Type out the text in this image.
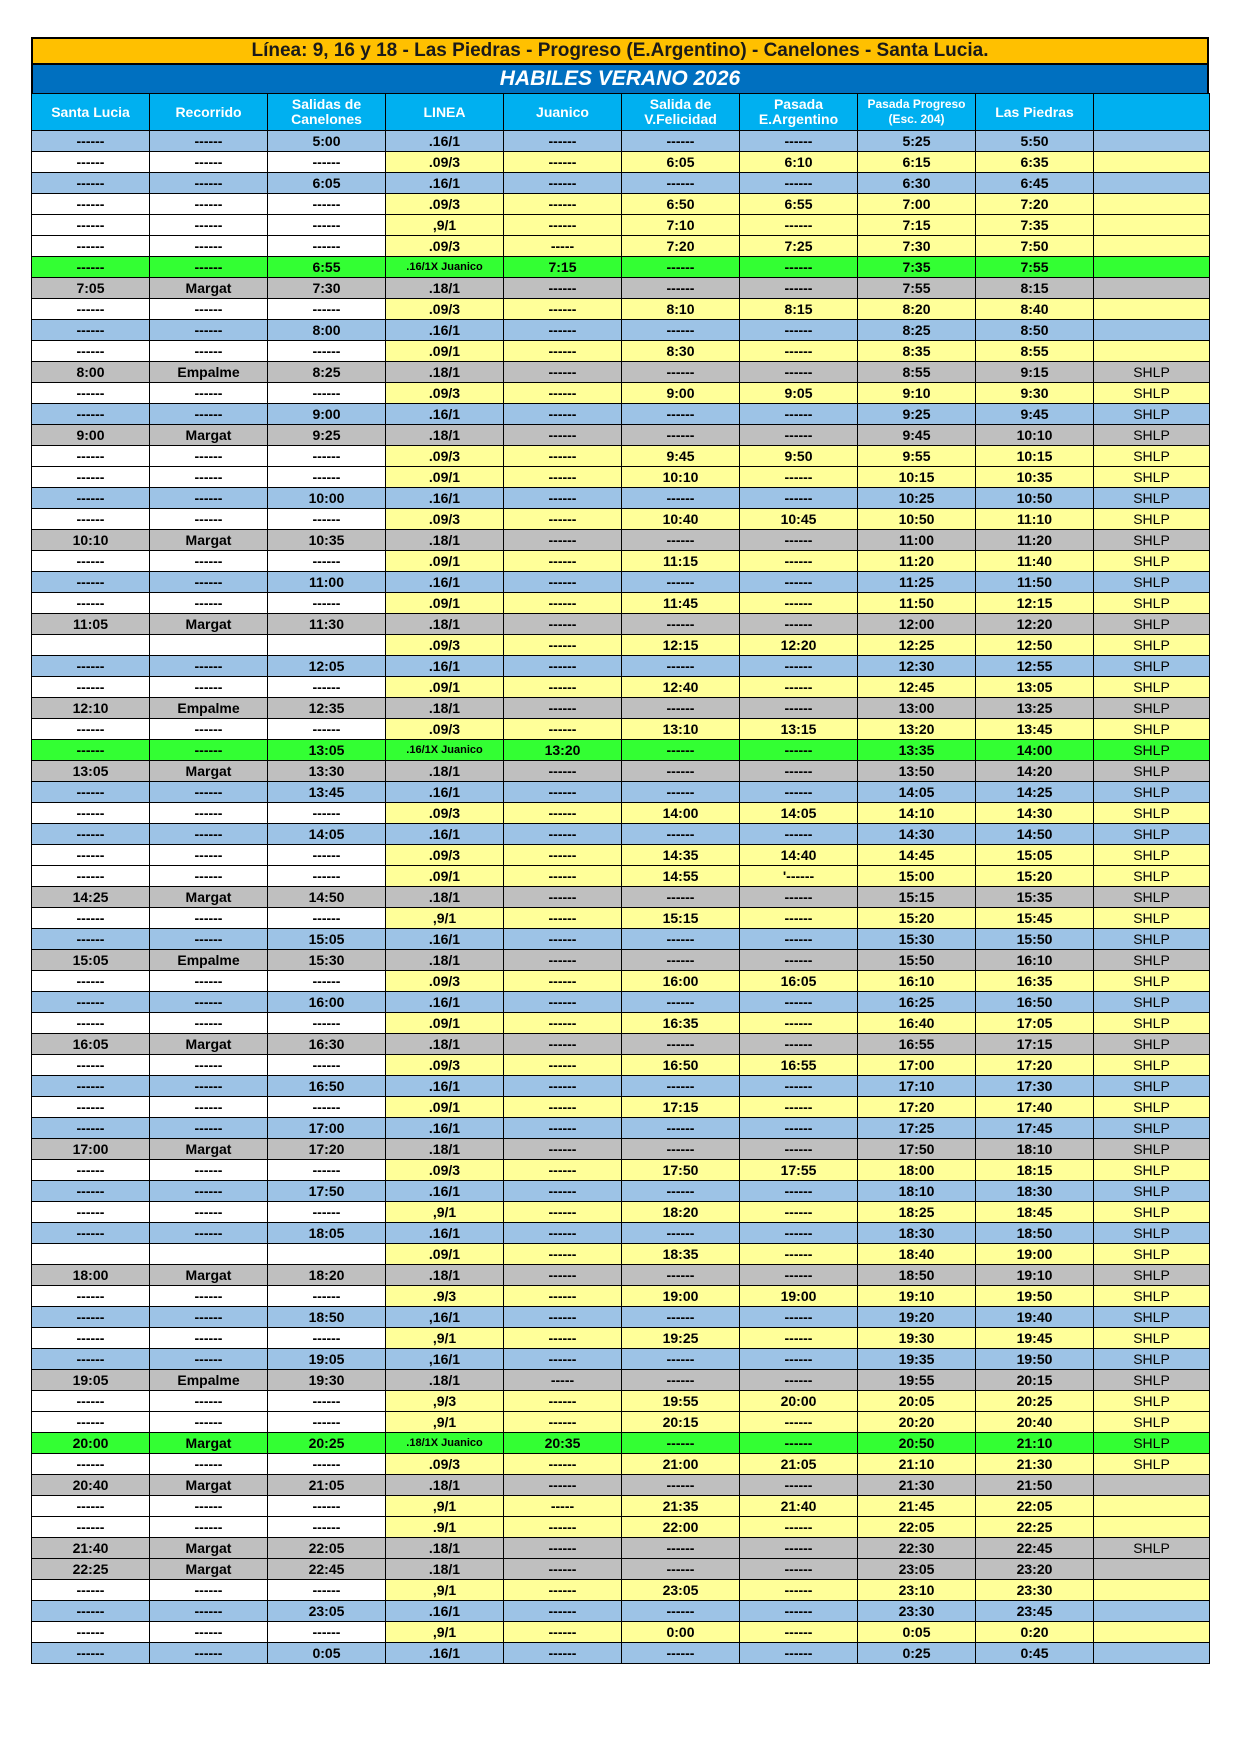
Línea: 9, 16 y 18 - Las Piedras - Progreso (E.Argentino) - Canelones - Santa Lucia.
HABILES VERANO 2026
Santa Lucia	Recorrido	Salidas de Canelones	LINEA	Juanico	Salida de V.Felicidad	Pasada E.Argentino	Pasada Progreso (Esc. 204)	Las Piedras	
------	------	5:00	.16/1	------	------	------	5:25	5:50	
------	------	------	.09/3	------	6:05	6:10	6:15	6:35	
------	------	6:05	.16/1	------	------	------	6:30	6:45	
------	------	------	.09/3	------	6:50	6:55	7:00	7:20	
------	------	------	,9/1	------	7:10	------	7:15	7:35	
------	------	------	.09/3	-----	7:20	7:25	7:30	7:50	
------	------	6:55	.16/1X Juanico	7:15	------	------	7:35	7:55	
7:05	Margat	7:30	.18/1	------	------	------	7:55	8:15	
------	------	------	.09/3	------	8:10	8:15	8:20	8:40	
------	------	8:00	.16/1	------	------	------	8:25	8:50	
------	------	------	.09/1	------	8:30	------	8:35	8:55	
8:00	Empalme	8:25	.18/1	------	------	------	8:55	9:15	SHLP
------	------	------	.09/3	------	9:00	9:05	9:10	9:30	SHLP
------	------	9:00	.16/1	------	------	------	9:25	9:45	SHLP
9:00	Margat	9:25	.18/1	------	------	------	9:45	10:10	SHLP
------	------	------	.09/3	------	9:45	9:50	9:55	10:15	SHLP
------	------	------	.09/1	------	10:10	------	10:15	10:35	SHLP
------	------	10:00	.16/1	------	------	------	10:25	10:50	SHLP
------	------	------	.09/3	------	10:40	10:45	10:50	11:10	SHLP
10:10	Margat	10:35	.18/1	------	------	------	11:00	11:20	SHLP
------	------	------	.09/1	------	11:15	------	11:20	11:40	SHLP
------	------	11:00	.16/1	------	------	------	11:25	11:50	SHLP
------	------	------	.09/1	------	11:45	------	11:50	12:15	SHLP
11:05	Margat	11:30	.18/1	------	------	------	12:00	12:20	SHLP
			.09/3	------	12:15	12:20	12:25	12:50	SHLP
------	------	12:05	.16/1	------	------	------	12:30	12:55	SHLP
------	------	------	.09/1	------	12:40	------	12:45	13:05	SHLP
12:10	Empalme	12:35	.18/1	------	------	------	13:00	13:25	SHLP
------	------	------	.09/3	------	13:10	13:15	13:20	13:45	SHLP
------	------	13:05	.16/1X Juanico	13:20	------	------	13:35	14:00	SHLP
13:05	Margat	13:30	.18/1	------	------	------	13:50	14:20	SHLP
------	------	13:45	.16/1	------	------	------	14:05	14:25	SHLP
------	------	------	.09/3	------	14:00	14:05	14:10	14:30	SHLP
------	------	14:05	.16/1	------	------	------	14:30	14:50	SHLP
------	------	------	.09/3	------	14:35	14:40	14:45	15:05	SHLP
------	------	------	.09/1	------	14:55	'------	15:00	15:20	SHLP
14:25	Margat	14:50	.18/1	------	------	------	15:15	15:35	SHLP
------	------	------	,9/1	------	15:15	------	15:20	15:45	SHLP
------	------	15:05	.16/1	------	------	------	15:30	15:50	SHLP
15:05	Empalme	15:30	.18/1	------	------	------	15:50	16:10	SHLP
------	------	------	.09/3	------	16:00	16:05	16:10	16:35	SHLP
------	------	16:00	.16/1	------	------	------	16:25	16:50	SHLP
------	------	------	.09/1	------	16:35	------	16:40	17:05	SHLP
16:05	Margat	16:30	.18/1	------	------	------	16:55	17:15	SHLP
------	------	------	.09/3	------	16:50	16:55	17:00	17:20	SHLP
------	------	16:50	.16/1	------	------	------	17:10	17:30	SHLP
------	------	------	.09/1	------	17:15	------	17:20	17:40	SHLP
------	------	17:00	.16/1	------	------	------	17:25	17:45	SHLP
17:00	Margat	17:20	.18/1	------	------	------	17:50	18:10	SHLP
------	------	------	.09/3	------	17:50	17:55	18:00	18:15	SHLP
------	------	17:50	.16/1	------	------	------	18:10	18:30	SHLP
------	------	------	,9/1	------	18:20	------	18:25	18:45	SHLP
------	------	18:05	.16/1	------	------	------	18:30	18:50	SHLP
			.09/1	------	18:35	------	18:40	19:00	SHLP
18:00	Margat	18:20	.18/1	------	------	------	18:50	19:10	SHLP
------	------	------	.9/3	------	19:00	19:00	19:10	19:50	SHLP
------	------	18:50	,16/1	------	------	------	19:20	19:40	SHLP
------	------	------	,9/1	------	19:25	------	19:30	19:45	SHLP
------	------	19:05	,16/1	------	------	------	19:35	19:50	SHLP
19:05	Empalme	19:30	.18/1	-----	------	------	19:55	20:15	SHLP
------	------	------	,9/3	------	19:55	20:00	20:05	20:25	SHLP
------	------	------	,9/1	------	20:15	------	20:20	20:40	SHLP
20:00	Margat	20:25	.18/1X Juanico	20:35	------	------	20:50	21:10	SHLP
------	------	------	.09/3	------	21:00	21:05	21:10	21:30	SHLP
20:40	Margat	21:05	.18/1	------	------	------	21:30	21:50	
------	------	------	,9/1	-----	21:35	21:40	21:45	22:05	
------	------	------	.9/1	------	22:00	------	22:05	22:25	
21:40	Margat	22:05	.18/1	------	------	------	22:30	22:45	SHLP
22:25	Margat	22:45	.18/1	------	------	------	23:05	23:20	
------	------	------	,9/1	------	23:05	------	23:10	23:30	
------	------	23:05	.16/1	------	------	------	23:30	23:45	
------	------	------	,9/1	------	0:00	------	0:05	0:20	
------	------	0:05	.16/1	------	------	------	0:25	0:45	
